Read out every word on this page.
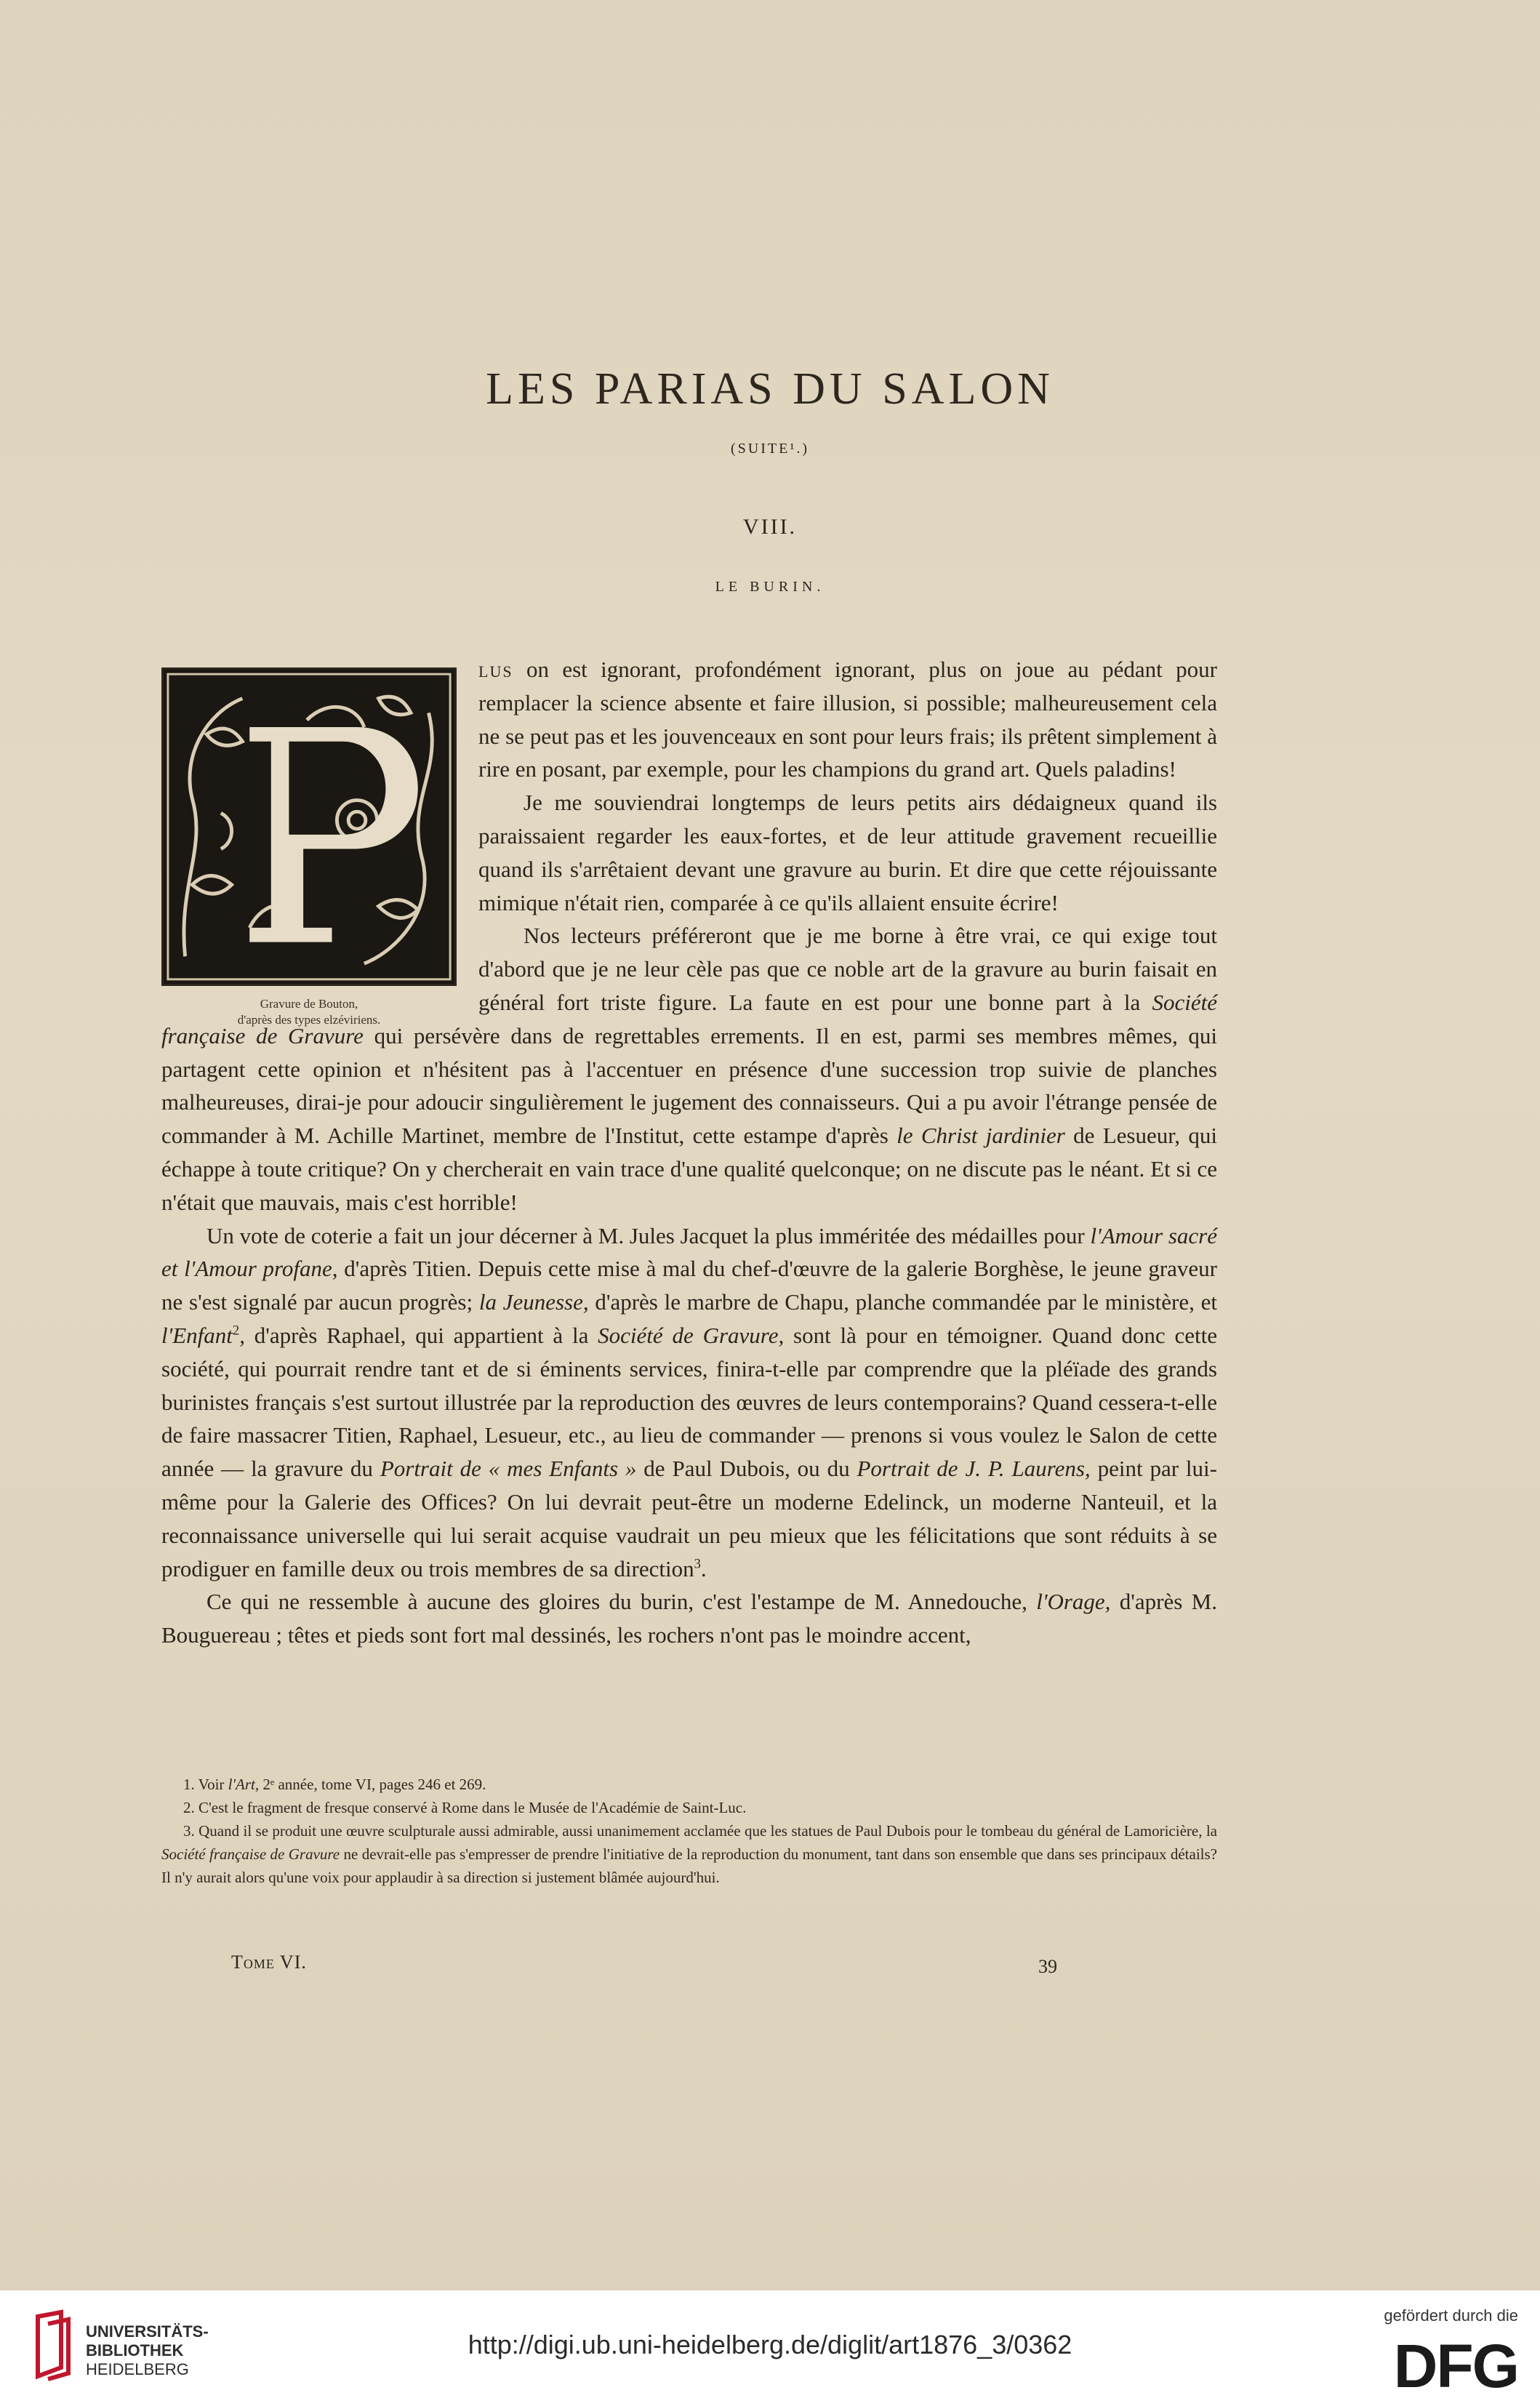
LES PARIAS DU SALON
(SUITE¹.)
VIII.
LE BURIN.
Gravure de Bouton,
d'après des types elzéviriens.

lus on est ignorant, profondément ignorant, plus on joue au pédant pour remplacer la science absente et faire illusion, si possible; malheureusement cela ne se peut pas et les jouvenceaux en sont pour leurs frais; ils prêtent simplement à rire en posant, par exemple, pour les champions du grand art. Quels paladins!

Je me souviendrai longtemps de leurs petits airs dédaigneux quand ils paraissaient regarder les eaux-fortes, et de leur attitude gravement recueillie quand ils s'arrêtaient devant une gravure au burin. Et dire que cette réjouissante mimique n'était rien, comparée à ce qu'ils allaient ensuite écrire!

Nos lecteurs préféreront que je me borne à être vrai, ce qui exige tout d'abord que je ne leur cèle pas que ce noble art de la gravure au burin faisait en général fort triste figure. La faute en est pour une bonne part à la Société française de Gravure qui persévère dans de regrettables errements. Il en est, parmi ses membres mêmes, qui partagent cette opinion et n'hésitent pas à l'accentuer en présence d'une succession trop suivie de planches malheureuses, dirai-je pour adoucir singulièrement le jugement des connaisseurs. Qui a pu avoir l'étrange pensée de commander à M. Achille Martinet, membre de l'Institut, cette estampe d'après le Christ jardinier de Lesueur, qui échappe à toute critique? On y chercherait en vain trace d'une qualité quelconque; on ne discute pas le néant. Et si ce n'était que mauvais, mais c'est horrible!

Un vote de coterie a fait un jour décerner à M. Jules Jacquet la plus imméritée des médailles pour l'Amour sacré et l'Amour profane, d'après Titien. Depuis cette mise à mal du chef-d'œuvre de la galerie Borghèse, le jeune graveur ne s'est signalé par aucun progrès; la Jeunesse, d'après le marbre de Chapu, planche commandée par le ministère, et l'Enfant$^2$, d'après Raphael, qui appartient à la Société de Gravure, sont là pour en témoigner. Quand donc cette société, qui pourrait rendre tant et de si éminents services, finira-t-elle par comprendre que la pléïade des grands burinistes français s'est surtout illustrée par la reproduction des œuvres de leurs contemporains? Quand cessera-t-elle de faire massacrer Titien, Raphael, Lesueur, etc., au lieu de commander — prenons si vous voulez le Salon de cette année — la gravure du Portrait de « mes Enfants » de Paul Dubois, ou du Portrait de J. P. Laurens, peint par lui-même pour la Galerie des Offices? On lui devrait peut-être un moderne Edelinck, un moderne Nanteuil, et la reconnaissance universelle qui lui serait acquise vaudrait un peu mieux que les félicitations que sont réduits à se prodiguer en famille deux ou trois membres de sa direction$^3$.

Ce qui ne ressemble à aucune des gloires du burin, c'est l'estampe de M. Annedouche, l'Orage, d'après M. Bouguereau ; têtes et pieds sont fort mal dessinés, les rochers n'ont pas le moindre accent,

1. Voir l'Art, 2ᵉ année, tome VI, pages 246 et 269.

2. C'est le fragment de fresque conservé à Rome dans le Musée de l'Académie de Saint-Luc.

3. Quand il se produit une œuvre sculpturale aussi admirable, aussi unanimement acclamée que les statues de Paul Dubois pour le tombeau du général de Lamoricière, la Société française de Gravure ne devrait-elle pas s'empresser de prendre l'initiative de la reproduction du monument, tant dans son ensemble que dans ses principaux détails? Il n'y aurait alors qu'une voix pour applaudir à sa direction si justement blâmée aujourd'hui.

Tome VI.	39
UNIVERSITÄTS-
BIBLIOTHEK
HEIDELBERG
http://digi.ub.uni-heidelberg.de/diglit/art1876_3/0362
gefördert durch die
DFG
